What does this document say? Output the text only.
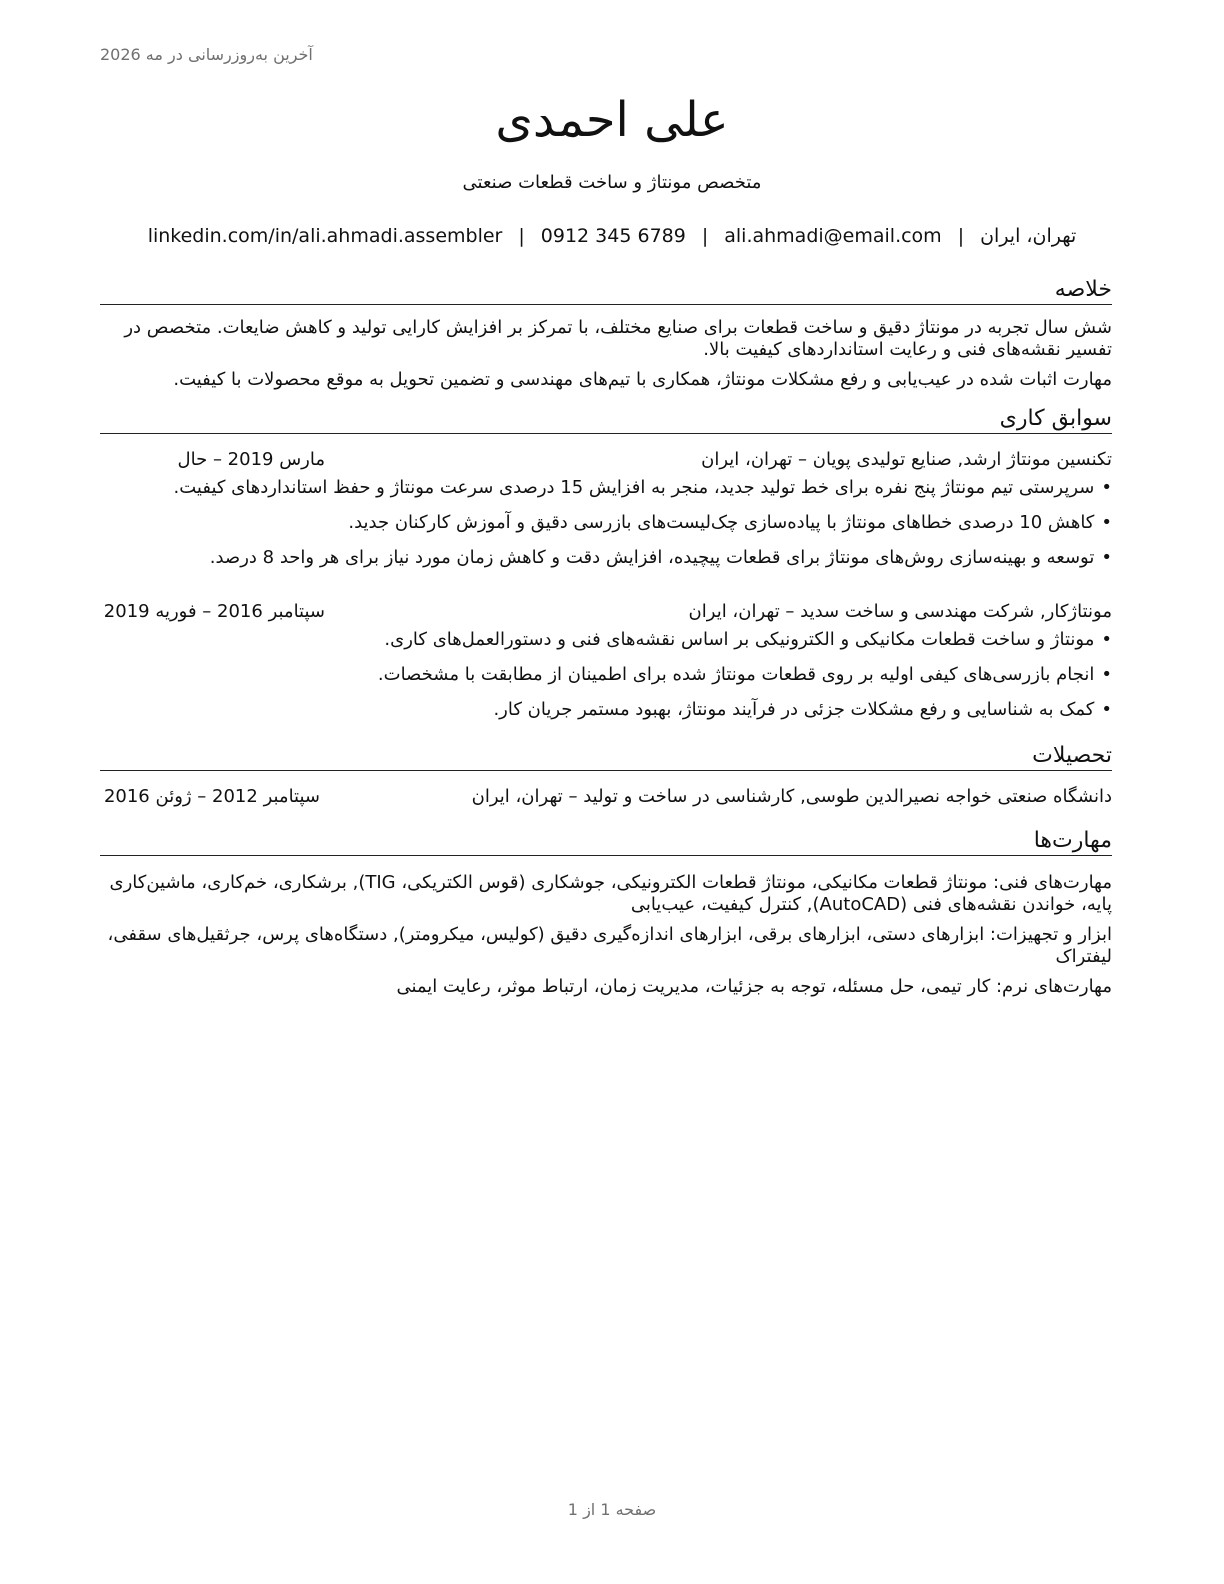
آخرین به‌روزرسانی در مه 2026
علی احمدی
متخصص مونتاژ و ساخت قطعات صنعتی
تهران، ایران|ali.ahmadi@email.com|0912 345 6789|linkedin.com/in/ali.ahmadi.assembler
خلاصه

شش سال تجربه در مونتاژ دقیق و ساخت قطعات برای صنایع مختلف، با تمرکز بر افزایش کارایی تولید و کاهش ضایعات. متخصص در تفسیر نقشه‌های فنی و رعایت استانداردهای کیفیت بالا.

مهارت اثبات شده در عیب‌یابی و رفع مشکلات مونتاژ، همکاری با تیم‌های مهندسی و تضمین تحویل به موقع محصولات با کیفیت.

سوابق کاری
تکنسین مونتاژ ارشد, صنایع تولیدی پویان – تهران، ایران
مارس 2019 – حال
• سرپرستی تیم مونتاژ پنج نفره برای خط تولید جدید، منجر به افزایش 15 درصدی سرعت مونتاژ و حفظ استانداردهای کیفیت.
• کاهش 10 درصدی خطاهای مونتاژ با پیاده‌سازی چک‌لیست‌های بازرسی دقیق و آموزش کارکنان جدید.
• توسعه و بهینه‌سازی روش‌های مونتاژ برای قطعات پیچیده، افزایش دقت و کاهش زمان مورد نیاز برای هر واحد 8 درصد.
مونتاژکار, شرکت مهندسی و ساخت سدید – تهران، ایران
سپتامبر 2016 – فوریه 2019
• مونتاژ و ساخت قطعات مکانیکی و الکترونیکی بر اساس نقشه‌های فنی و دستورالعمل‌های کاری.
• انجام بازرسی‌های کیفی اولیه بر روی قطعات مونتاژ شده برای اطمینان از مطابقت با مشخصات.
• کمک به شناسایی و رفع مشکلات جزئی در فرآیند مونتاژ، بهبود مستمر جریان کار.
تحصیلات
دانشگاه صنعتی خواجه نصیرالدین طوسی, کارشناسی در ساخت و تولید – تهران، ایران
سپتامبر 2012 – ژوئن 2016
مهارت‌ها

مهارت‌های فنی: مونتاژ قطعات مکانیکی، مونتاژ قطعات الکترونیکی، جوشکاری (قوس الکتریکی، TIG), برشکاری، خم‌کاری، ماشین‌کاری پایه، خواندن نقشه‌های فنی (AutoCAD), کنترل کیفیت، عیب‌یابی

ابزار و تجهیزات: ابزارهای دستی، ابزارهای برقی، ابزارهای اندازه‌گیری دقیق (کولیس، میکرومتر), دستگاه‌های پرس، جرثقیل‌های سقفی، لیفتراک

مهارت‌های نرم: کار تیمی، حل مسئله، توجه به جزئیات، مدیریت زمان، ارتباط موثر، رعایت ایمنی

صفحه 1 از 1
